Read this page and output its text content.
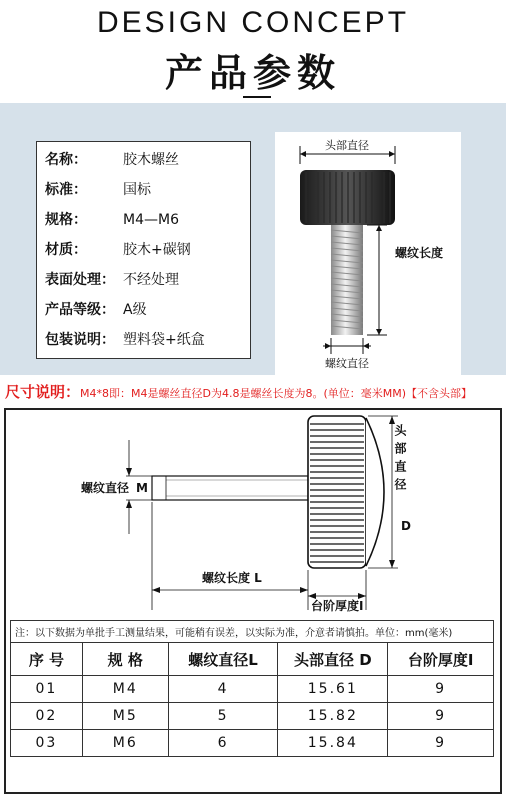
DESIGN CONCEPT
产品参数
名称：	胶木螺丝
标准：	国标
规格：	M4—M6
材质：	胶木+碳钢
表面处理： 不经处理
产品等级： A级
包装说明： 塑料袋+纸盒
头部直径
螺纹长度
螺纹直径
尺寸说明：M4*8即：M4是螺丝直径D为4.8是螺丝长度为8。(单位：毫米MM)【不含头部】
螺纹直径 M	头部直径
D
螺纹长度 L
台阶厚度I
注：以下数据为单批手工测量结果，可能稍有误差，以实际为准，介意者请慎拍。单位：mm(毫米)				
序 号	规 格	螺纹直径L	头部直径 D	台阶厚度I
01	M4	4	15.61	9
02	M5	5	15.82	9
03	M6	6	15.84	9
